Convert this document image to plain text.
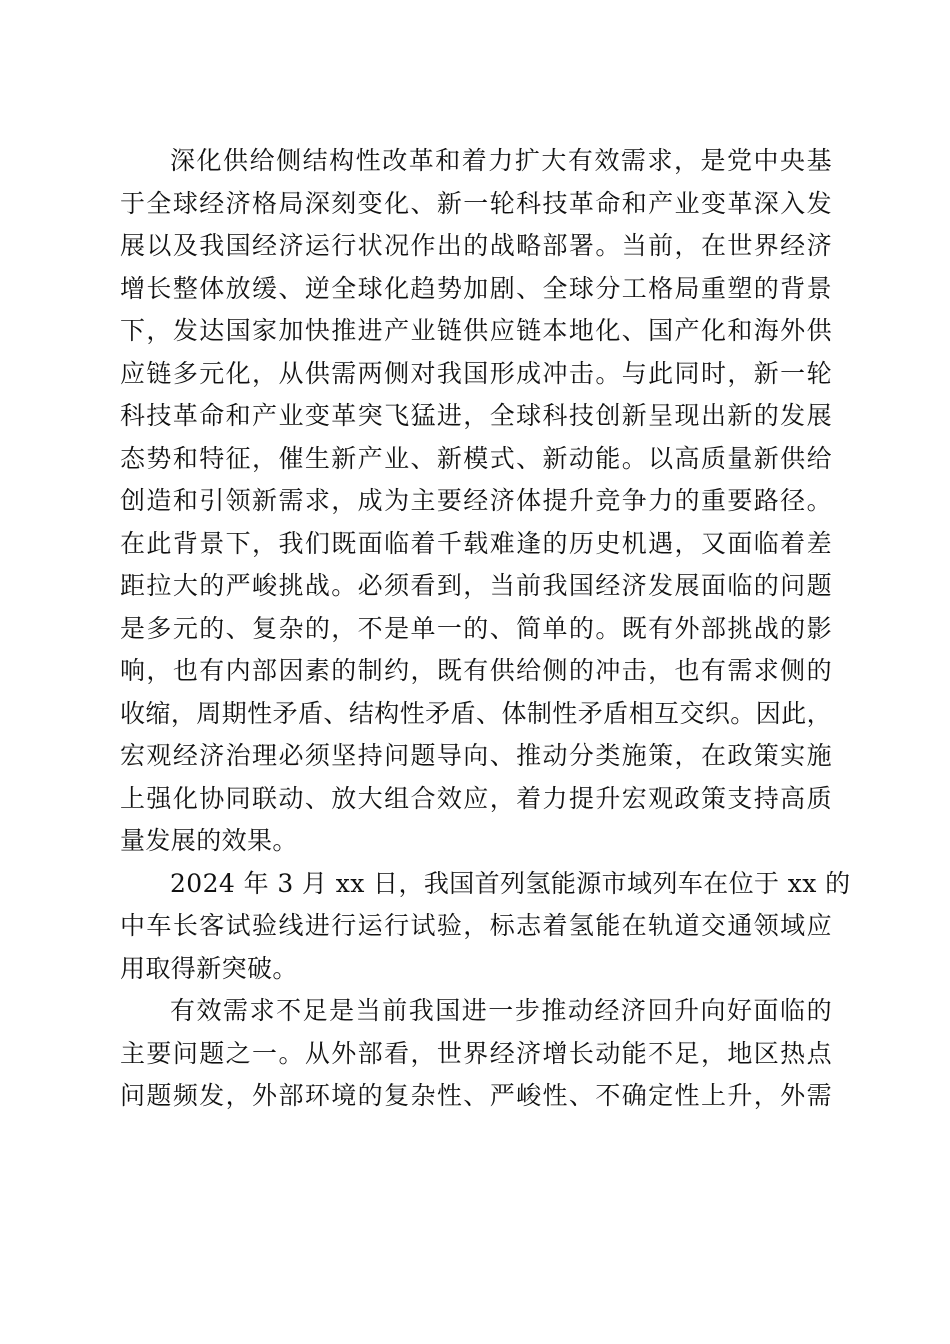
深化供给侧结构性改革和着力扩大有效需求，是党中央基
于全球经济格局深刻变化、新一轮科技革命和产业变革深入发
展以及我国经济运行状况作出的战略部署。当前，在世界经济
增长整体放缓、逆全球化趋势加剧、全球分工格局重塑的背景
下，发达国家加快推进产业链供应链本地化、国产化和海外供
应链多元化，从供需两侧对我国形成冲击。与此同时，新一轮
科技革命和产业变革突飞猛进，全球科技创新呈现出新的发展
态势和特征，催生新产业、新模式、新动能。以高质量新供给
创造和引领新需求，成为主要经济体提升竞争力的重要路径。
在此背景下，我们既面临着千载难逢的历史机遇，又面临着差
距拉大的严峻挑战。必须看到，当前我国经济发展面临的问题
是多元的、复杂的，不是单一的、简单的。既有外部挑战的影
响，也有内部因素的制约，既有供给侧的冲击，也有需求侧的
收缩，周期性矛盾、结构性矛盾、体制性矛盾相互交织。因此，
宏观经济治理必须坚持问题导向、推动分类施策，在政策实施
上强化协同联动、放大组合效应，着力提升宏观政策支持高质
量发展的效果。
2024 年 3 月 xx 日，我国首列氢能源市域列车在位于 xx 的
中车长客试验线进行运行试验，标志着氢能在轨道交通领域应
用取得新突破。
有效需求不足是当前我国进一步推动经济回升向好面临的
主要问题之一。从外部看，世界经济增长动能不足，地区热点
问题频发，外部环境的复杂性、严峻性、不确定性上升，外需
